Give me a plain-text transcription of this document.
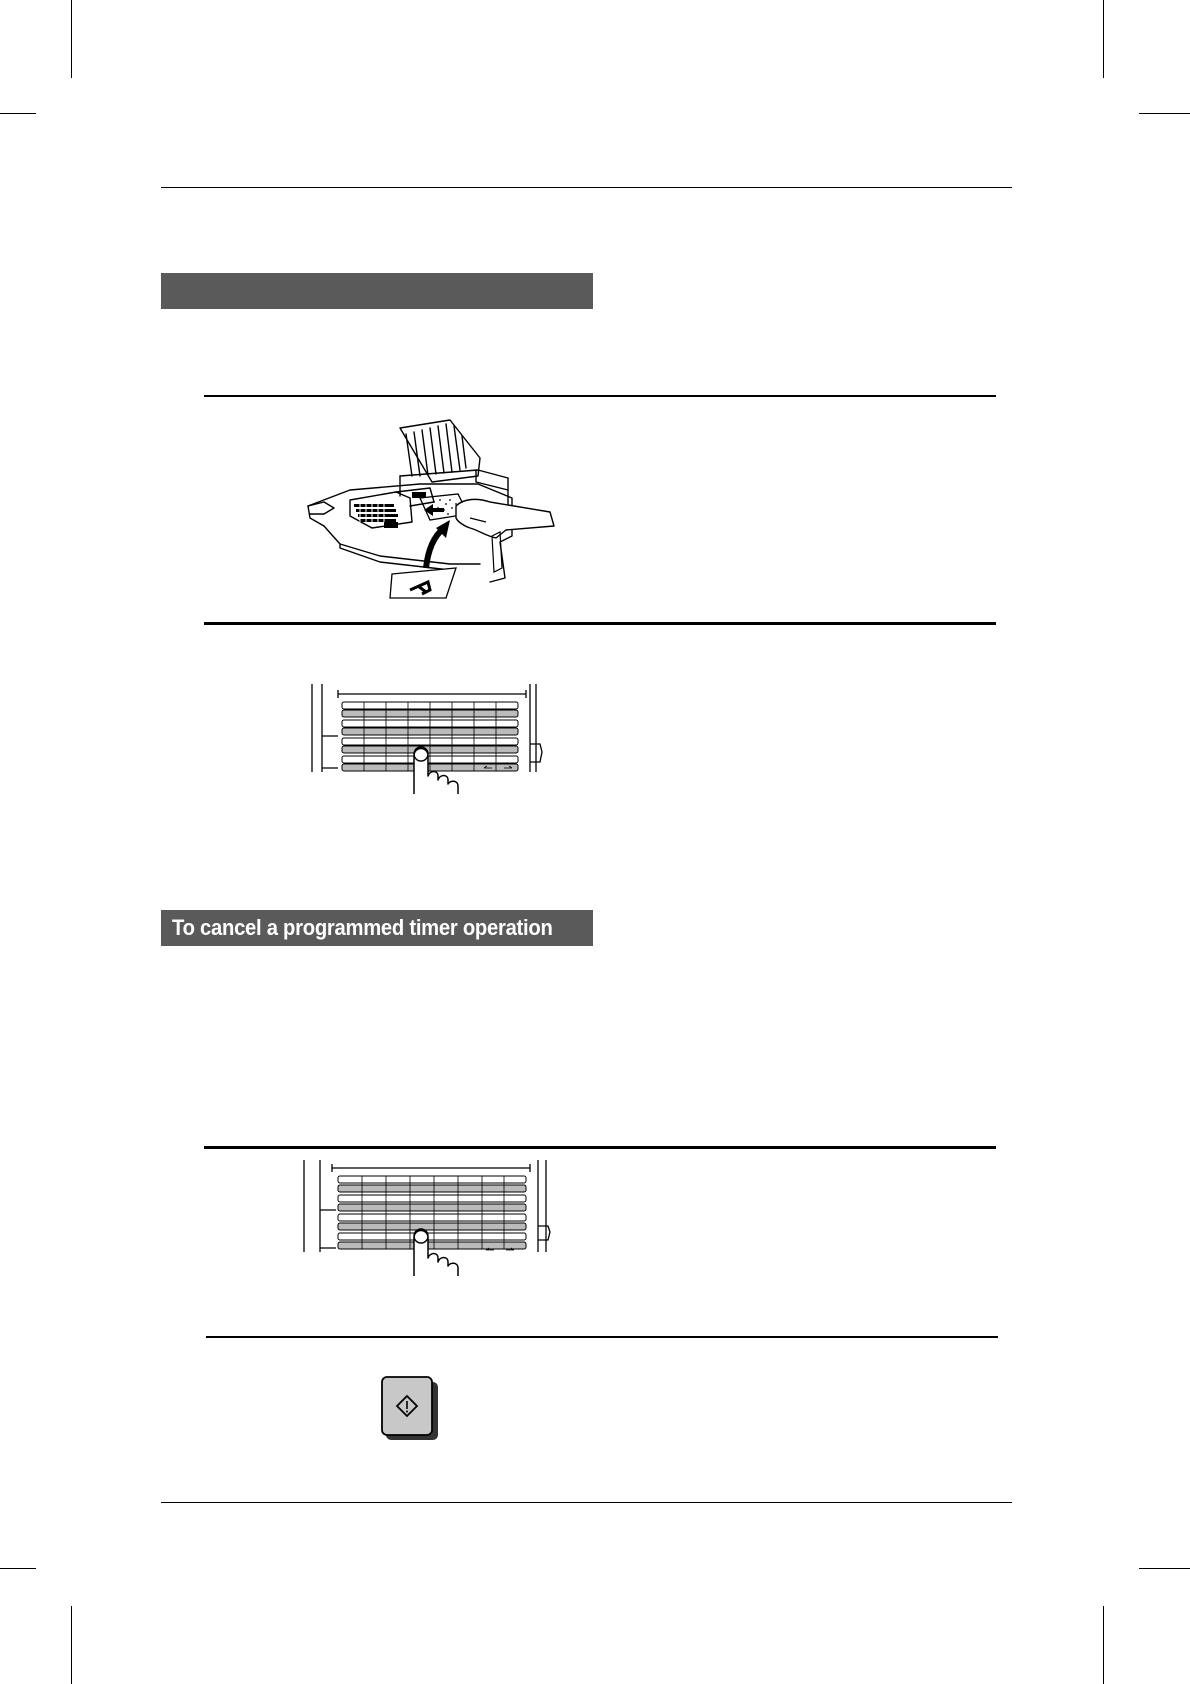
To cancel a programmed timer operation
